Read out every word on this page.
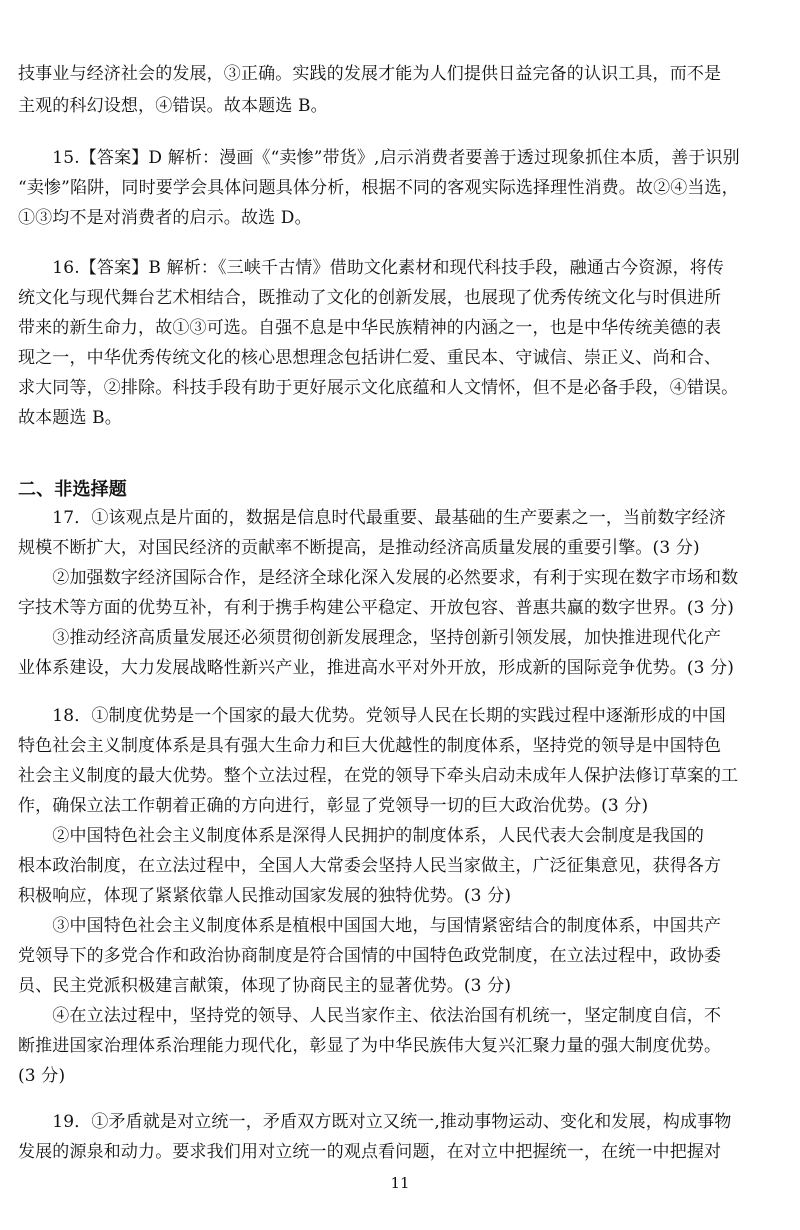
技事业与经济社会的发展，③正确。实践的发展才能为人们提供日益完备的认识工具，而不是
主观的科幻设想，④错误。故本题选 B。
　　15.【答案】D 解析：漫画《“卖惨”带货》,启示消费者要善于透过现象抓住本质，善于识别
“卖惨”陷阱，同时要学会具体问题具体分析，根据不同的客观实际选择理性消费。故②④当选，
①③均不是对消费者的启示。故选 D。
　　16.【答案】B 解析：《三峡千古情》借助文化素材和现代科技手段，融通古今资源，将传
统文化与现代舞台艺术相结合，既推动了文化的创新发展，也展现了优秀传统文化与时俱进所
带来的新生命力，故①③可选。自强不息是中华民族精神的内涵之一，也是中华传统美德的表
现之一，中华优秀传统文化的核心思想理念包括讲仁爱、重民本、守诚信、崇正义、尚和合、
求大同等，②排除。科技手段有助于更好展示文化底蕴和人文情怀，但不是必备手段，④错误。
故本题选 B。
二、非选择题
　　17．①该观点是片面的，数据是信息时代最重要、最基础的生产要素之一，当前数字经济
规模不断扩大，对国民经济的贡献率不断提高，是推动经济高质量发展的重要引擎。(3 分)
　　②加强数字经济国际合作，是经济全球化深入发展的必然要求，有利于实现在数字市场和数
字技术等方面的优势互补，有利于携手构建公平稳定、开放包容、普惠共赢的数字世界。(3 分)
　　③推动经济高质量发展还必须贯彻创新发展理念，坚持创新引领发展，加快推进现代化产
业体系建设，大力发展战略性新兴产业，推进高水平对外开放，形成新的国际竞争优势。(3 分)
　　18．①制度优势是一个国家的最大优势。党领导人民在长期的实践过程中逐渐形成的中国
特色社会主义制度体系是具有强大生命力和巨大优越性的制度体系，坚持党的领导是中国特色
社会主义制度的最大优势。整个立法过程，在党的领导下牵头启动未成年人保护法修订草案的工
作，确保立法工作朝着正确的方向进行，彰显了党领导一切的巨大政治优势。(3 分)
　　②中国特色社会主义制度体系是深得人民拥护的制度体系，人民代表大会制度是我国的
根本政治制度，在立法过程中，全国人大常委会坚持人民当家做主，广泛征集意见，获得各方
积极响应，体现了紧紧依靠人民推动国家发展的独特优势。(3 分)
　　③中国特色社会主义制度体系是植根中国国大地，与国情紧密结合的制度体系，中国共产
党领导下的多党合作和政治协商制度是符合国情的中国特色政党制度，在立法过程中，政协委
员、民主党派积极建言献策，体现了协商民主的显著优势。(3 分)
　　④在立法过程中，坚持党的领导、人民当家作主、依法治国有机统一，坚定制度自信，不
断推进国家治理体系治理能力现代化，彰显了为中华民族伟大复兴汇聚力量的强大制度优势。
(3 分)
11
　　19．①矛盾就是对立统一，矛盾双方既对立又统一,推动事物运动、变化和发展，构成事物
发展的源泉和动力。要求我们用对立统一的观点看问题，在对立中把握统一，在统一中把握对
